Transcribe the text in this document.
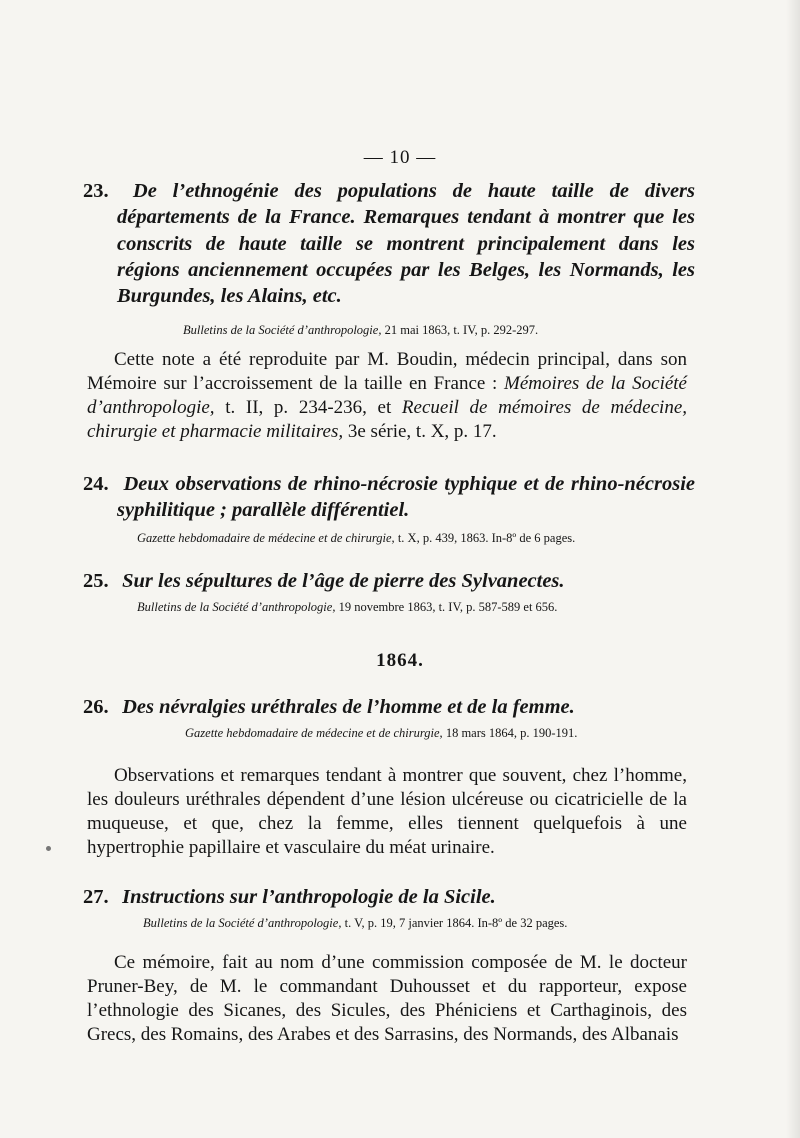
— 10 —
23. De l’ethnogénie des populations de haute taille de divers départements de la France. Remarques tendant à montrer que les conscrits de haute taille se montrent principalement dans les régions anciennement occupées par les Belges, les Normands, les Burgundes, les Alains, etc.
Bulletins de la Société d’anthropologie, 21 mai 1863, t. IV, p. 292-297.
Cette note a été reproduite par M. Boudin, médecin principal, dans son Mémoire sur l’accroissement de la taille en France : Mémoires de la Société d’anthropologie, t. II, p. 234-236, et Recueil de mémoires de médecine, chirurgie et pharmacie militaires, 3e série, t. X, p. 17.
24. Deux observations de rhino-nécrosie typhique et de rhino-nécrosie syphilitique ; parallèle différentiel.
Gazette hebdomadaire de médecine et de chirurgie, t. X, p. 439, 1863. In-8º de 6 pages.
25. Sur les sépultures de l’âge de pierre des Sylvanectes.
Bulletins de la Société d’anthropologie, 19 novembre 1863, t. IV, p. 587-589 et 656.
1864.
26. Des névralgies uréthrales de l’homme et de la femme.
Gazette hebdomadaire de médecine et de chirurgie, 18 mars 1864, p. 190-191.
Observations et remarques tendant à montrer que souvent, chez l’homme, les douleurs uréthrales dépendent d’une lésion ulcéreuse ou cicatricielle de la muqueuse, et que, chez la femme, elles tiennent quelquefois à une hypertrophie papillaire et vasculaire du méat urinaire.
27. Instructions sur l’anthropologie de la Sicile.
Bulletins de la Société d’anthropologie, t. V, p. 19, 7 janvier 1864. In-8º de 32 pages.
Ce mémoire, fait au nom d’une commission composée de M. le docteur Pruner-Bey, de M. le commandant Duhousset et du rapporteur, expose l’ethnologie des Sicanes, des Sicules, des Phéniciens et Carthaginois, des Grecs, des Romains, des Arabes et des Sarrasins, des Normands, des Albanais
